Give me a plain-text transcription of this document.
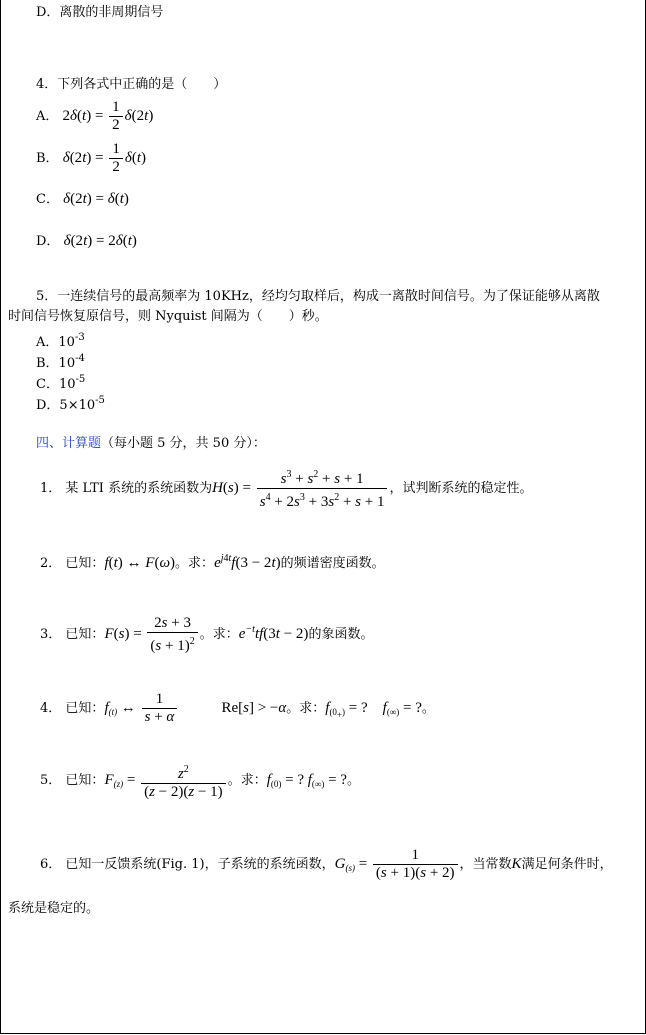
D．离散的非周期信号
4．下列各式中正确的是（　　）
A． $2\delta(t) = \frac{1}{2} \delta(2t)$
B． $\delta(2t) = \frac{1}{2} \delta(t)$
C． δ(2t) = δ(t)
D． δ(2t) = 2δ(t)
5．一连续信号的最高频率为 10KHz，经均匀取样后，构成一离散时间信号。为了保证能够从离散
时间信号恢复原信号，则 Nyquist 间隔为（　　）秒。
A．$10^{-3}$
B．$10^{-4}$
C．$10^{-5}$
D．$5\times 10^{-5}$
四、计算题（每小题 5 分，共 50 分）：
1． 某 LTI 系统的系统函数为$H(s) = \frac{s^3 + s^2 + s + 1}{s^4 + 2s^3 + 3s^2 + s + 1}$ ，试判断系统的稳定性。
2． 已知：f(t) ↔ F(ω)。求：$e^{j4t}f(3 - 2t)$的频谱密度函数。
3． 已知：$F(s) = \frac{2s + 3}{(s + 1)^2}$ 。求：$e^{-t}tf(3t - 2)$的象函数。
4． 已知：$f_{(t)}$ ↔ $\frac{1}{s + \alpha}$	Re[s] > −α。求：$f_{(0_+)}$ = ?    $f_{(\infty)}$ = ?。
5． 已知：$F_{(z)} = \frac{z^2}{(z - 2)(z - 1)}$ 。求：$f_{(0)}$ = ? $f_{(\infty)}$ = ?。
6． 已知一反馈系统(Fig. 1)，子系统的系统函数，$G_{(s)} = \frac{1}{(s + 1)(s + 2)}$ ，当常数K满足何条件时，
系统是稳定的。
